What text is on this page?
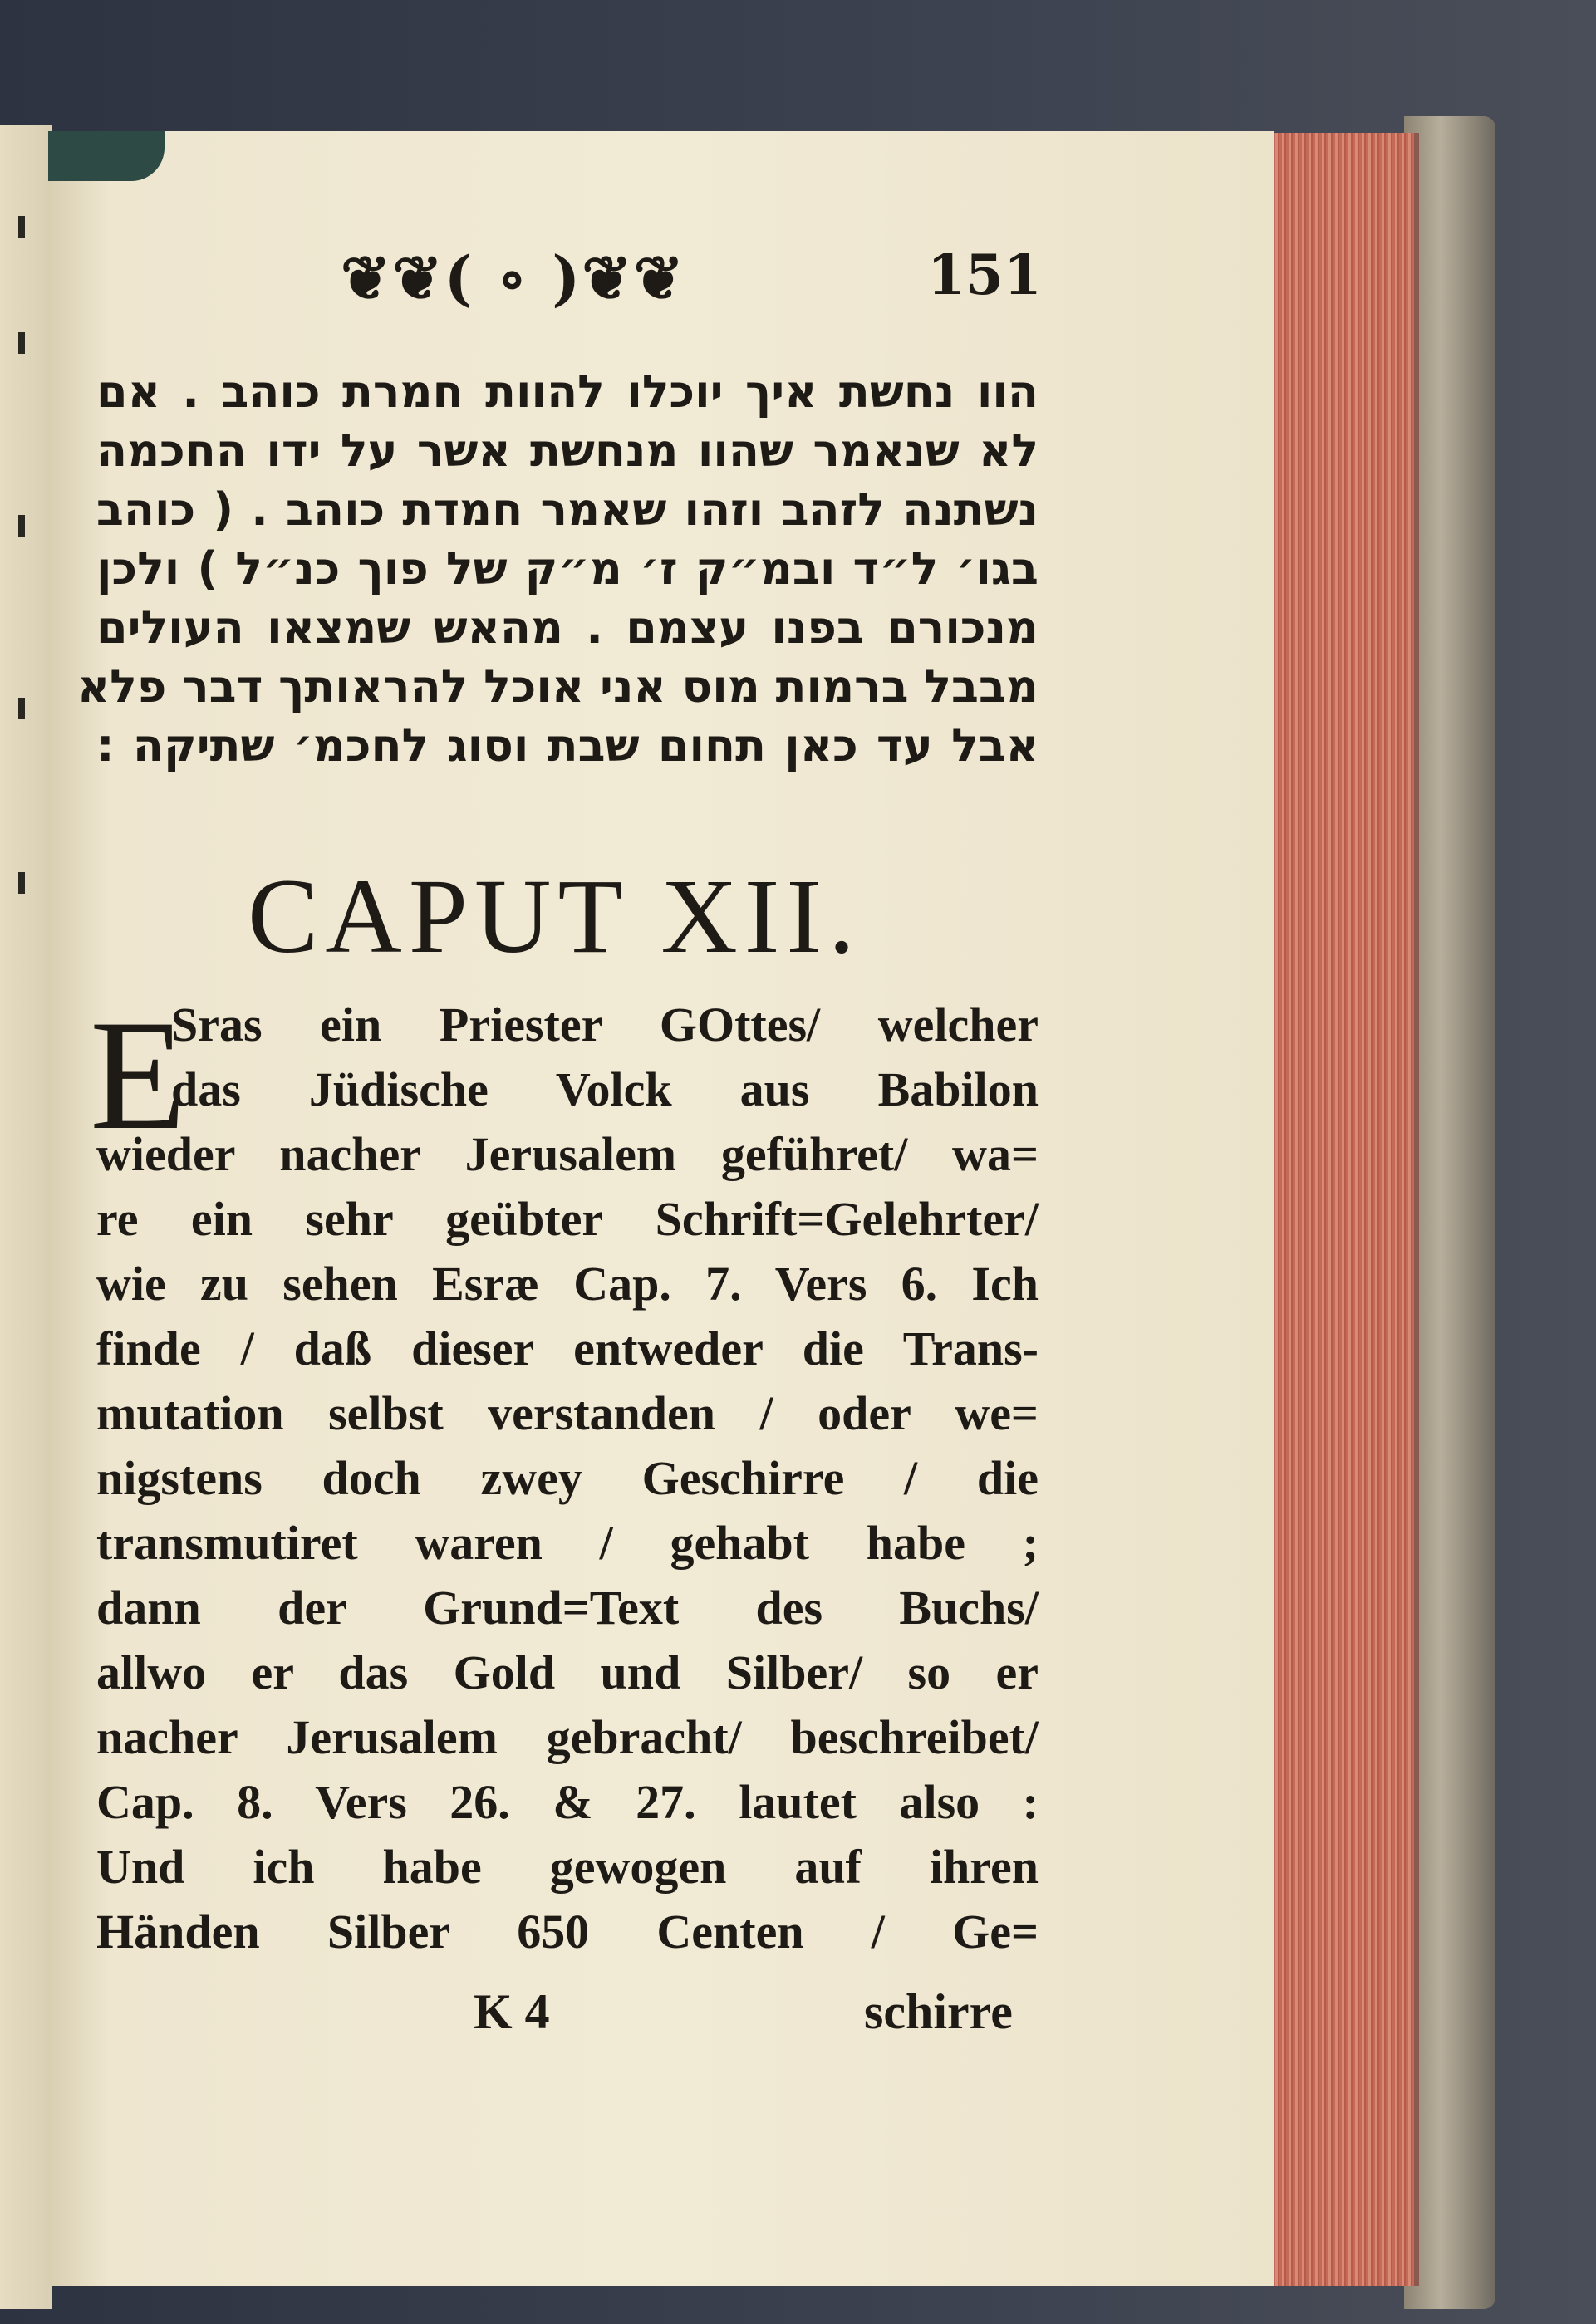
❦❦( ∘ )❦❦	151
הוו נחשת איך יוכלו להוות חמרת כוהב . אם
לא שנאמר שהוו מנחשת אשר על ידו החכמה
נשתנה לזהב וזהו שאמר חמדת כוהב . ( כוהב
בגו׳ ל״ד ובמ״ק ז׳ מ״ק של פוך כנ״ל ) ולכן
מנכורם בפנו עצמם . מהאש שמצאו העולים
מבבל ברמות מוס אני אוכל להראותך דבר פלא
אבל עד כאן תחום שבת וסוג לחכמ׳ שתיקה :
CAPUT XII.
E
Sras ein Priester GOttes/ welcher
das Jüdische Volck aus Babilon
wieder nacher Jerusalem geführet/ wa=
re ein sehr geübter Schrift=Gelehrter/
wie zu sehen Esræ Cap. 7. Vers 6. Ich
finde / daß dieser entweder die Trans-
mutation selbst verstanden / oder we=
nigstens doch zwey Geschirre / die
transmutiret waren / gehabt habe ;
dann der Grund=Text des Buchs/
allwo er das Gold und Silber/ so er
nacher Jerusalem gebracht/ beschreibet/
Cap. 8. Vers 26. & 27. lautet also :
Und ich habe gewogen auf ihren
Händen Silber 650 Centen / Ge=
K 4	schirre
